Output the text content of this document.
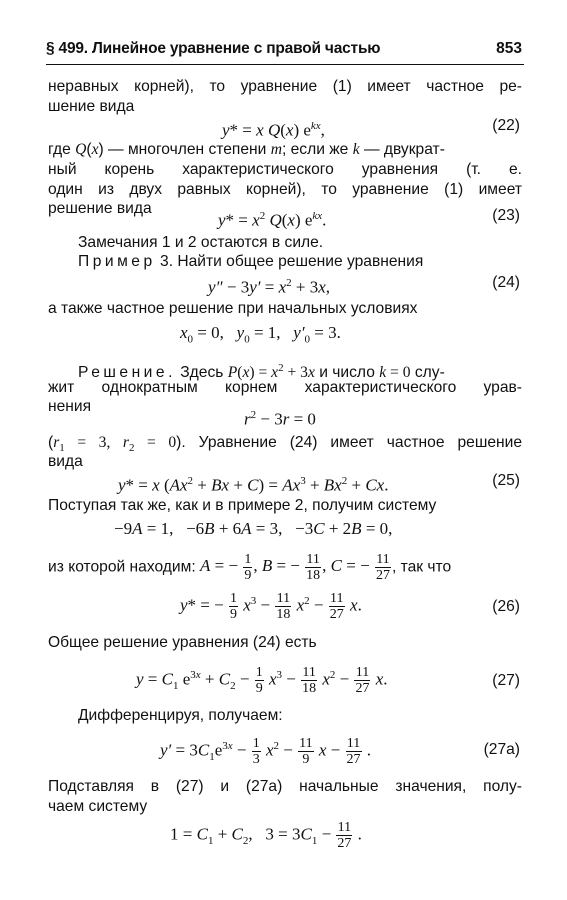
§ 499. Линейное уравнение с правой частью	853
неравных корней), то уравнение (1) имеет частное ре-
шение вида
y* = x Q(x) $e^{kx}$,	(22)
где Q(x) — многочлен степени m; если же k — двукрат-
ный корень характеристического уравнения (т. е.
один из двух равных корней), то уравнение (1) имеет
решение вида
$y* = x^2$ Q(x) $e^{kx}$.	(23)
Замечания 1 и 2 остаются в силе.
Пример 3. Найти общее решение уравнения
$y'' - 3y' = x^2 + 3x$,	(24)
а также частное решение при начальных условиях
$x_0 = 0$,   $y_0 = 1$,   $y'_0 = 3$.
Решение. Здесь $P(x) = x^2 + 3x$ и число k = 0 слу-
жит однократным корнем характеристического урав-
нения
$r^2 - 3r = 0$
($r_1 = 3$, $r_2 = 0$). Уравнение (24) имеет частное решение
вида
y* = x $(Ax^2 + Bx + C) = Ax^3 + Bx^2 + Cx$.	(25)
Поступая так же, как и в примере 2, получим систему
−9A = 1,   −6B + 6A = 3,   −3C + 2B = 0,
из которой находим: A = − $\frac{1}{9}$ , B = − $\frac{11}{18}$ , C = − $\frac{11}{27}$ , так что
y* = − $\frac{1}{9} x^3 - \frac{11}{18} x^2 - \frac{11}{27} x$.	(26)
Общее решение уравнения (24) есть
$y = C_1$ $e^{3x} + C_2 - \frac{1}{9} x^3 - \frac{11}{18} x^2 - \frac{11}{27} x$.	(27)
Дифференцируя, получаем:
$y' = 3C_1e^{3x} - \frac{1}{3} x^2 - \frac{11}{9}$ $x - \frac{11}{27}$ .	(27а)
Подставляя в (27) и (27а) начальные значения, полу-
чаем систему
$1 = C_1 + C_2$,   $3 = 3C_1 - \frac{11}{27}$ .
